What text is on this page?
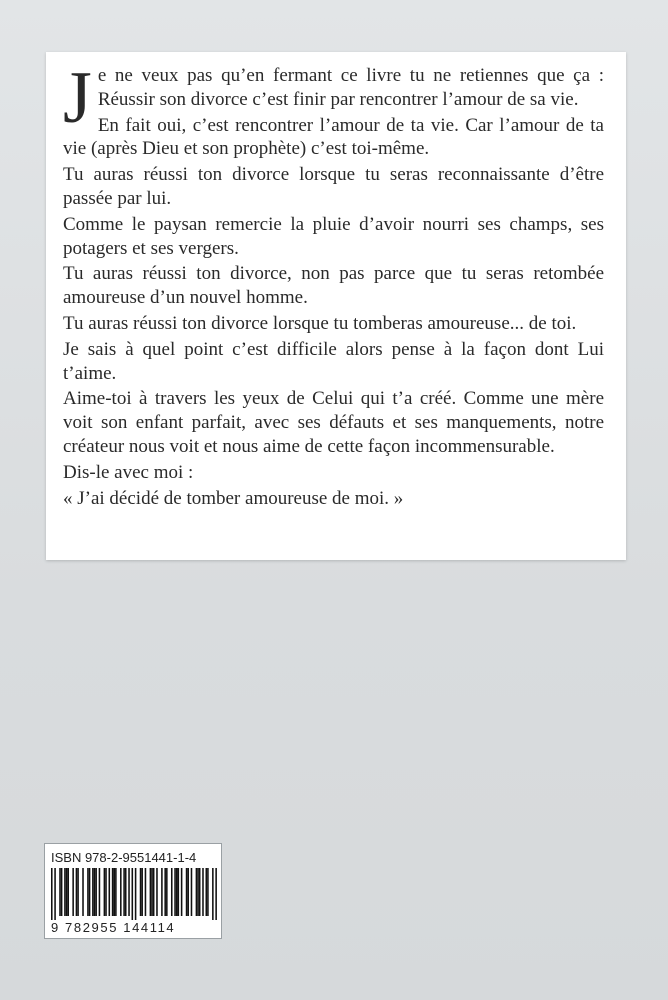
Je ne veux pas qu’en fermant ce livre tu ne retiennes que ça : Réussir son divorce c’est finir par rencontrer l’amour de sa vie.

En fait oui, c’est rencontrer l’amour de ta vie. Car l’amour de ta vie (après Dieu et son prophète) c’est toi-même.

Tu auras réussi ton divorce lorsque tu seras reconnaissante d’être passée par lui.

Comme le paysan remercie la pluie d’avoir nourri ses champs, ses potagers et ses vergers.

Tu auras réussi ton divorce, non pas parce que tu seras retombée amoureuse d’un nouvel homme.

Tu auras réussi ton divorce lorsque tu tomberas amoureuse... de toi.

Je sais à quel point c’est difficile alors pense à la façon dont Lui t’aime.

Aime-toi à travers les yeux de Celui qui t’a créé. Comme une mère voit son enfant parfait, avec ses défauts et ses manquements, notre créateur nous voit et nous aime de cette façon incommensurable.

Dis-le avec moi :

« J’ai décidé de tomber amoureuse de moi. »

ISBN 978-2-9551441-1-4
9 782955 144114
